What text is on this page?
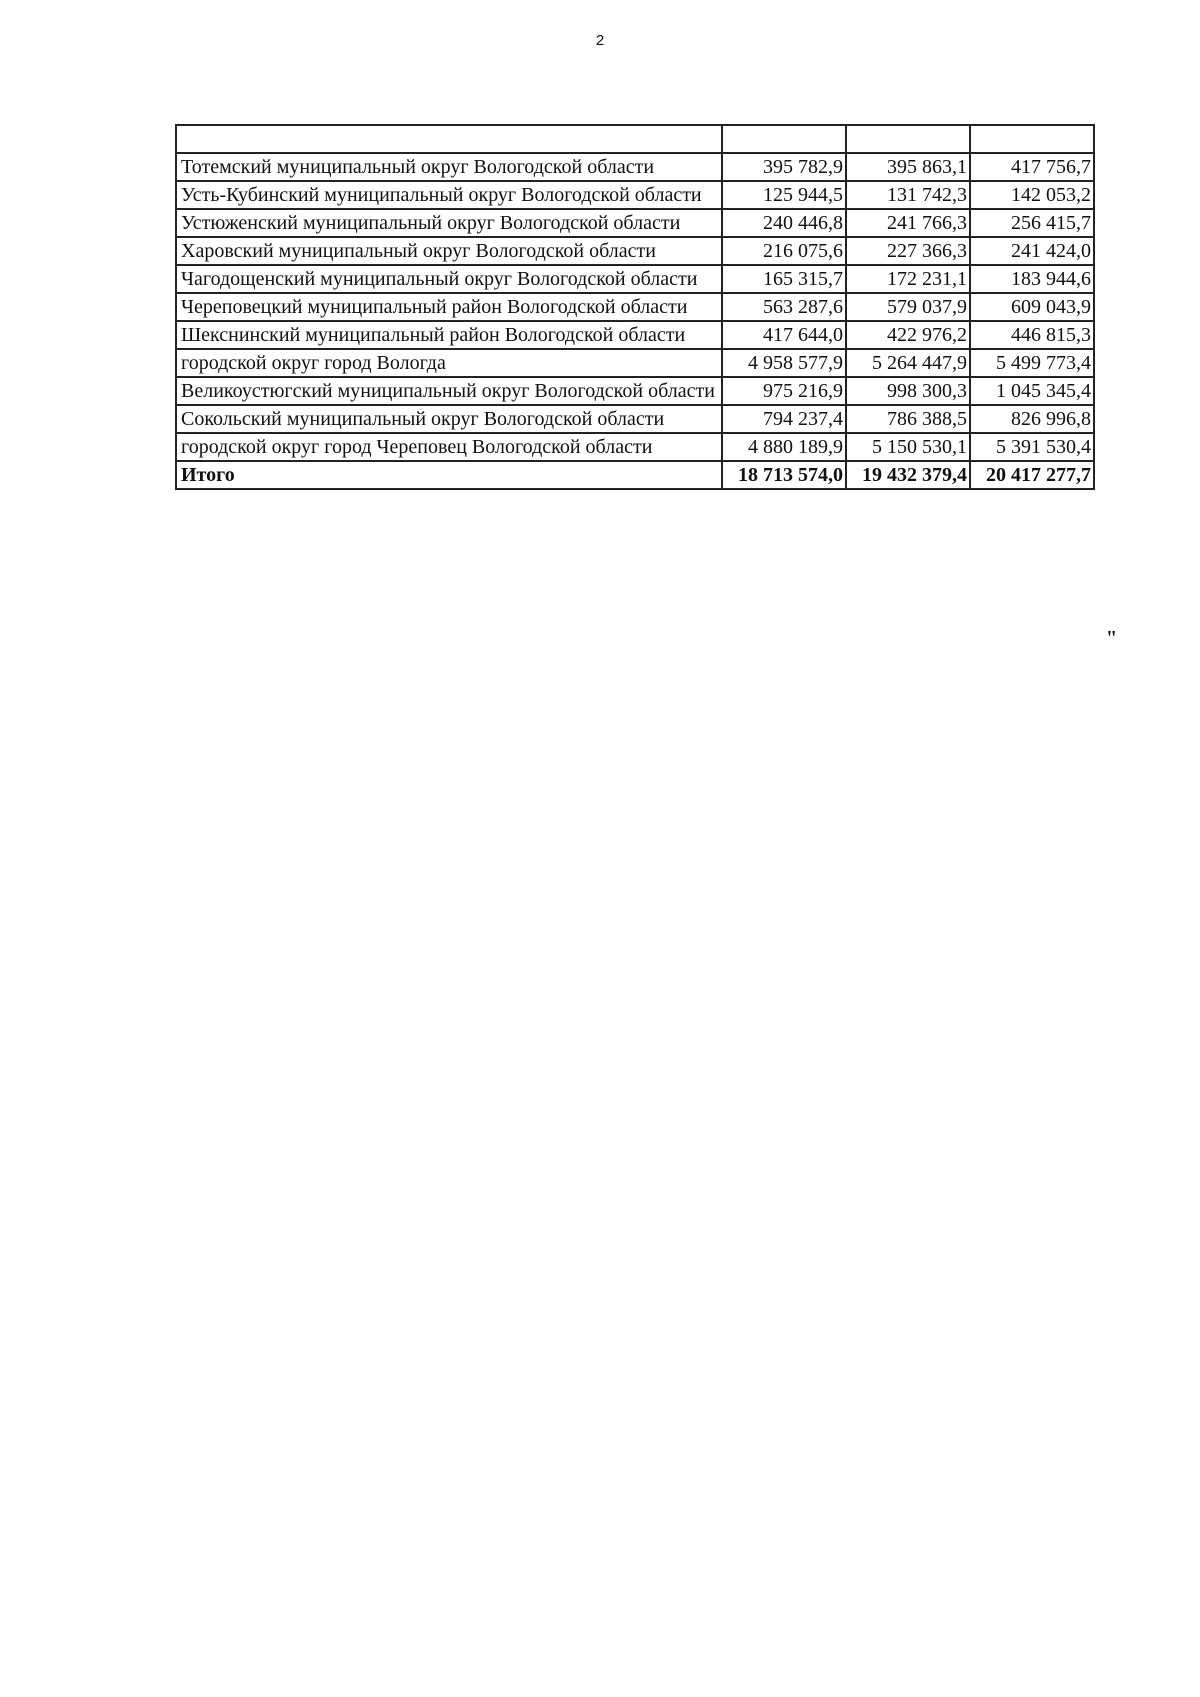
2

Тотемский муниципальный округ Вологодской области	395 782,9	395 863,1	417 756,7
Усть-Кубинский муниципальный округ Вологодской области	125 944,5	131 742,3	142 053,2
Устюженский муниципальный округ Вологодской области	240 446,8	241 766,3	256 415,7
Харовский муниципальный округ Вологодской области	216 075,6	227 366,3	241 424,0
Чагодощенский муниципальный округ Вологодской области	165 315,7	172 231,1	183 944,6
Череповецкий муниципальный район Вологодской области	563 287,6	579 037,9	609 043,9
Шекснинский муниципальный район Вологодской области	417 644,0	422 976,2	446 815,3
городской округ город Вологда	4 958 577,9	5 264 447,9	5 499 773,4
Великоустюгский муниципальный округ Вологодской области	975 216,9	998 300,3	1 045 345,4
Сокольский муниципальный округ Вологодской области	794 237,4	786 388,5	826 996,8
городской округ город Череповец Вологодской области	4 880 189,9	5 150 530,1	5 391 530,4
Итого	18 713 574,0	19 432 379,4	20 417 277,7
"
